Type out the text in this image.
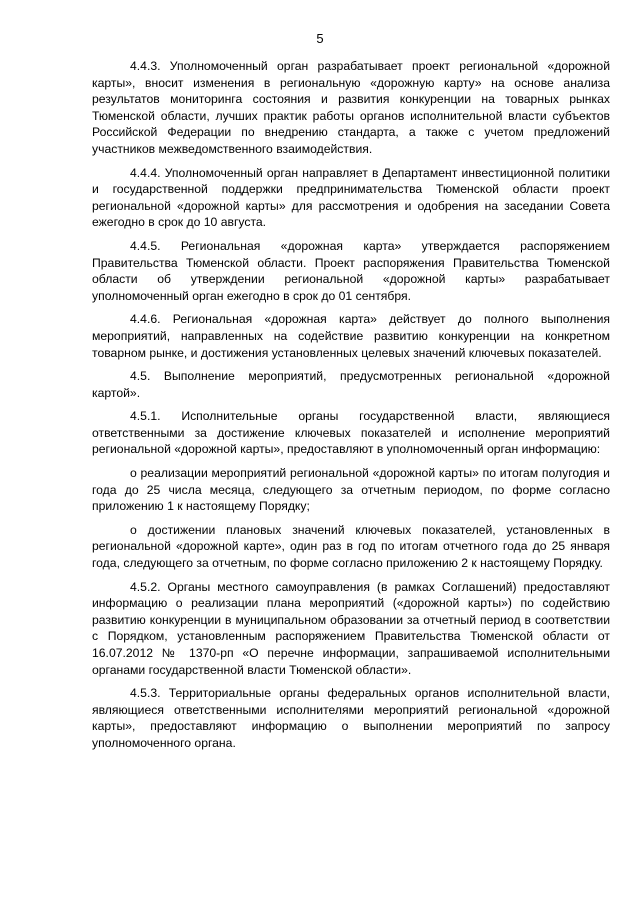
5

4.4.3. Уполномоченный орган разрабатывает проект региональной «дорожной карты», вносит изменения в региональную «дорожную карту» на основе анализа результатов мониторинга состояния и развития конкуренции на товарных рынках Тюменской области, лучших практик работы органов исполнительной власти субъектов Российской Федерации по внедрению стандарта, а также с учетом предложений участников межведомственного взаимодействия.

4.4.4. Уполномоченный орган направляет в Департамент инвестиционной политики и государственной поддержки предпринимательства Тюменской области проект региональной «дорожной карты» для рассмотрения и одобрения на заседании Совета ежегодно в срок до 10 августа.

4.4.5. Региональная «дорожная карта» утверждается распоряжением Правительства Тюменской области. Проект распоряжения Правительства Тюменской области об утверждении региональной «дорожной карты» разрабатывает уполномоченный орган ежегодно в срок до 01 сентября.

4.4.6. Региональная «дорожная карта» действует до полного выполнения мероприятий, направленных на содействие развитию конкуренции на конкретном товарном рынке, и достижения установленных целевых значений ключевых показателей.

4.5. Выполнение мероприятий, предусмотренных региональной «дорожной картой».

4.5.1. Исполнительные органы государственной власти, являющиеся ответственными за достижение ключевых показателей и исполнение мероприятий региональной «дорожной карты», предоставляют в уполномоченный орган информацию:

о реализации мероприятий региональной «дорожной карты» по итогам полугодия и года до 25 числа месяца, следующего за отчетным периодом, по форме согласно приложению 1 к настоящему Порядку;

о достижении плановых значений ключевых показателей, установленных в региональной «дорожной карте», один раз в год по итогам отчетного года до 25 января года, следующего за отчетным, по форме согласно приложению 2 к настоящему Порядку.

4.5.2. Органы местного самоуправления (в рамках Соглашений) предоставляют информацию о реализации плана мероприятий («дорожной карты») по содействию развитию конкуренции в муниципальном образовании за отчетный период в соответствии с Порядком, установленным распоряжением Правительства Тюменской области от 16.07.2012 № 1370-рп «О перечне информации, запрашиваемой исполнительными органами государственной власти Тюменской области».

4.5.3. Территориальные органы федеральных органов исполнительной власти, являющиеся ответственными исполнителями мероприятий региональной «дорожной карты», предоставляют информацию о выполнении мероприятий по запросу уполномоченного органа.
